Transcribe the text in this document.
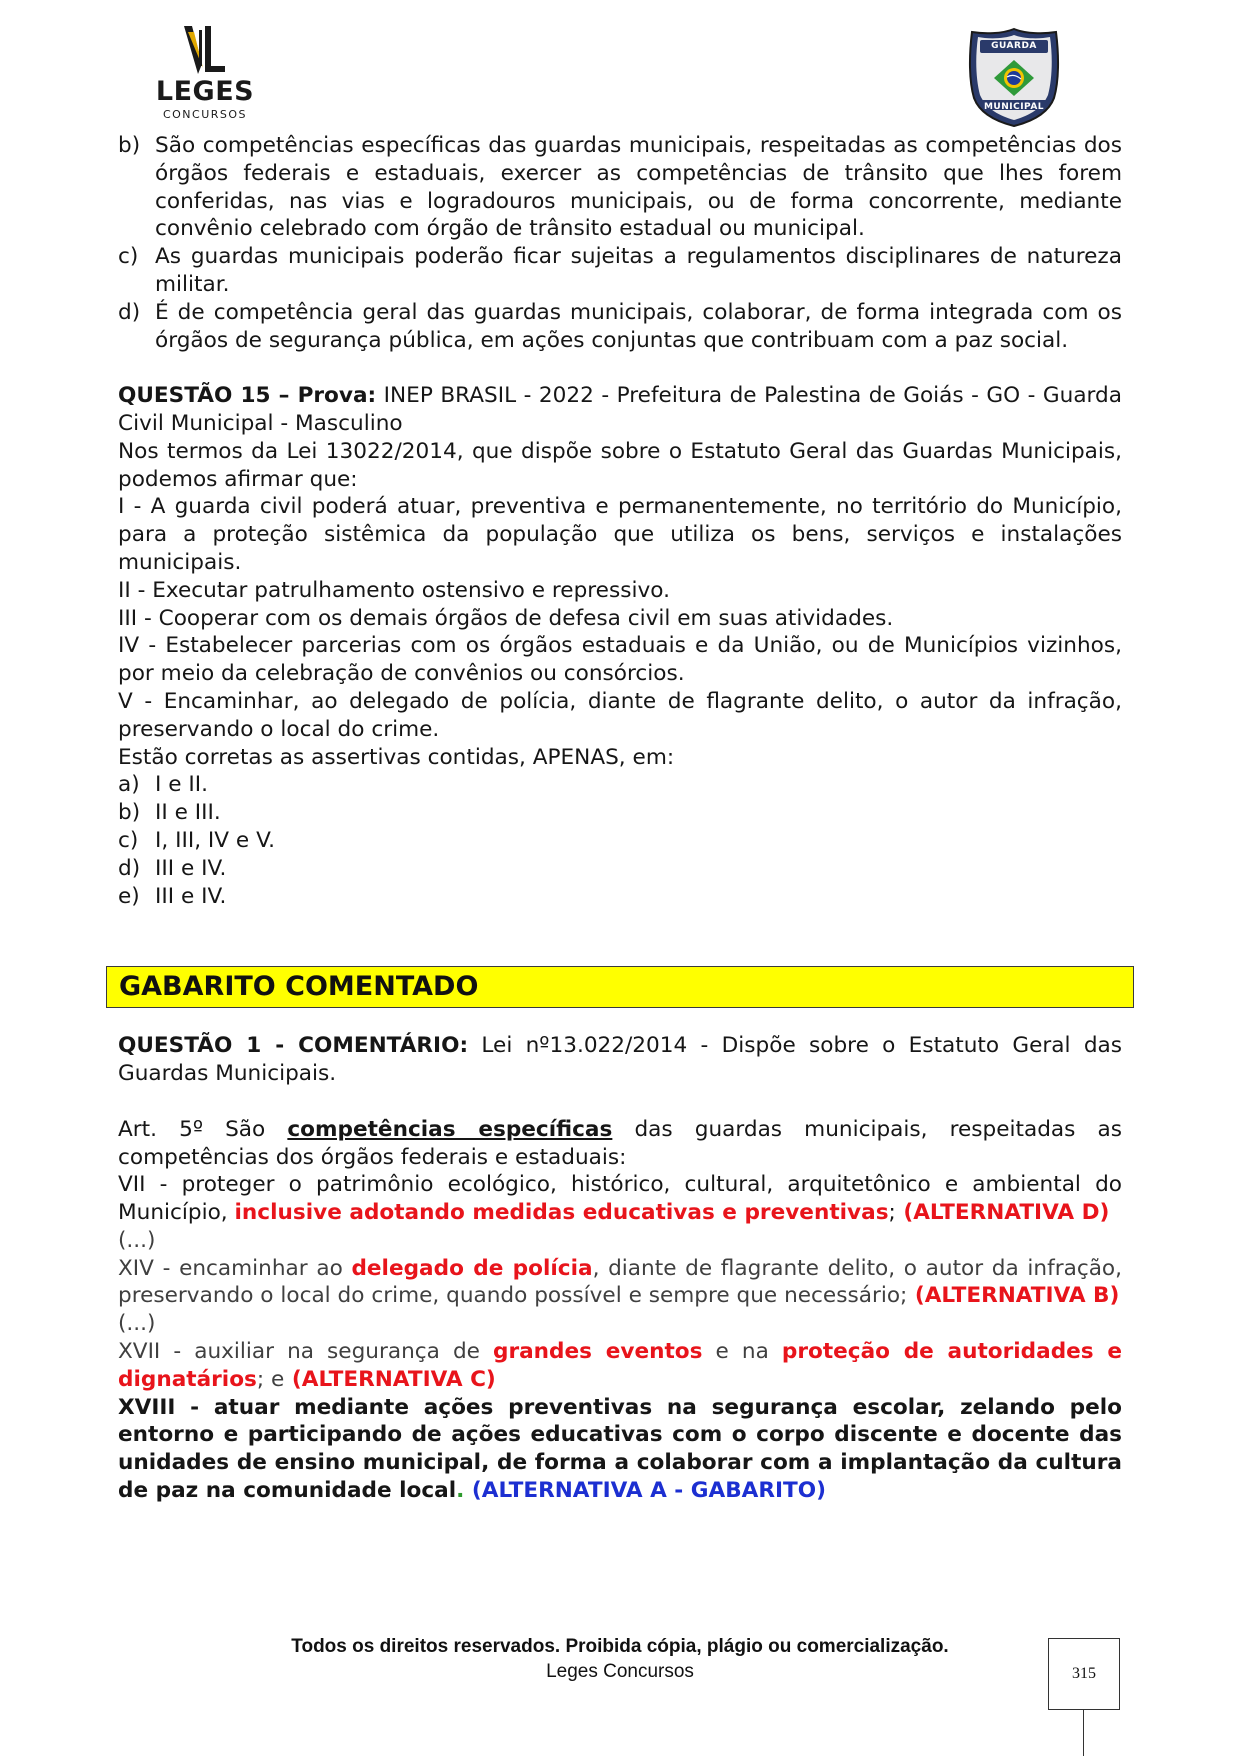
LEGES
CONCURSOS
GUARDA
MUNICIPAL
b) São competências específicas das guardas municipais, respeitadas as competências dos órgãos federais e estaduais, exercer as competências de trânsito que lhes forem conferidas, nas vias e logradouros municipais, ou de forma concorrente, mediante convênio celebrado com órgão de trânsito estadual ou municipal.
c) As guardas municipais poderão ficar sujeitas a regulamentos disciplinares de natureza militar.
d) É de competência geral das guardas municipais, colaborar, de forma integrada com os órgãos de segurança pública, em ações conjuntas que contribuam com a paz social.

QUESTÃO 15 – Prova: INEP BRASIL - 2022 - Prefeitura de Palestina de Goiás - GO - Guarda Civil Municipal - Masculino

Nos termos da Lei 13022/2014, que dispõe sobre o Estatuto Geral das Guardas Municipais, podemos afirmar que:

I - A guarda civil poderá atuar, preventiva e permanentemente, no território do Município, para a proteção sistêmica da população que utiliza os bens, serviços e instalações municipais.

II - Executar patrulhamento ostensivo e repressivo.

III - Cooperar com os demais órgãos de defesa civil em suas atividades.

IV - Estabelecer parcerias com os órgãos estaduais e da União, ou de Municípios vizinhos, por meio da celebração de convênios ou consórcios.

V - Encaminhar, ao delegado de polícia, diante de flagrante delito, o autor da infração, preservando o local do crime.

Estão corretas as assertivas contidas, APENAS, em:

a) I e II.
b) II e III.
c) I, III, IV e V.
d) III e IV.
e) III e IV.
GABARITO COMENTADO

QUESTÃO 1 - COMENTÁRIO: Lei nº13.022/2014 - Dispõe sobre o Estatuto Geral das Guardas Municipais.

Art. 5º São competências específicas das guardas municipais, respeitadas as competências dos órgãos federais e estaduais:

VII - proteger o patrimônio ecológico, histórico, cultural, arquitetônico e ambiental do Município, inclusive adotando medidas educativas e preventivas; (ALTERNATIVA D)

(...)

XIV - encaminhar ao delegado de polícia, diante de flagrante delito, o autor da infração, preservando o local do crime, quando possível e sempre que necessário; (ALTERNATIVA B)

(...)

XVII - auxiliar na segurança de grandes eventos e na proteção de autoridades e dignatários; e (ALTERNATIVA C)

XVIII - atuar mediante ações preventivas na segurança escolar, zelando pelo entorno e participando de ações educativas com o corpo discente e docente das unidades de ensino municipal, de forma a colaborar com a implantação da cultura de paz na comunidade local. (ALTERNATIVA A - GABARITO)

Todos os direitos reservados. Proibida cópia, plágio ou comercialização.
Leges Concursos	315
